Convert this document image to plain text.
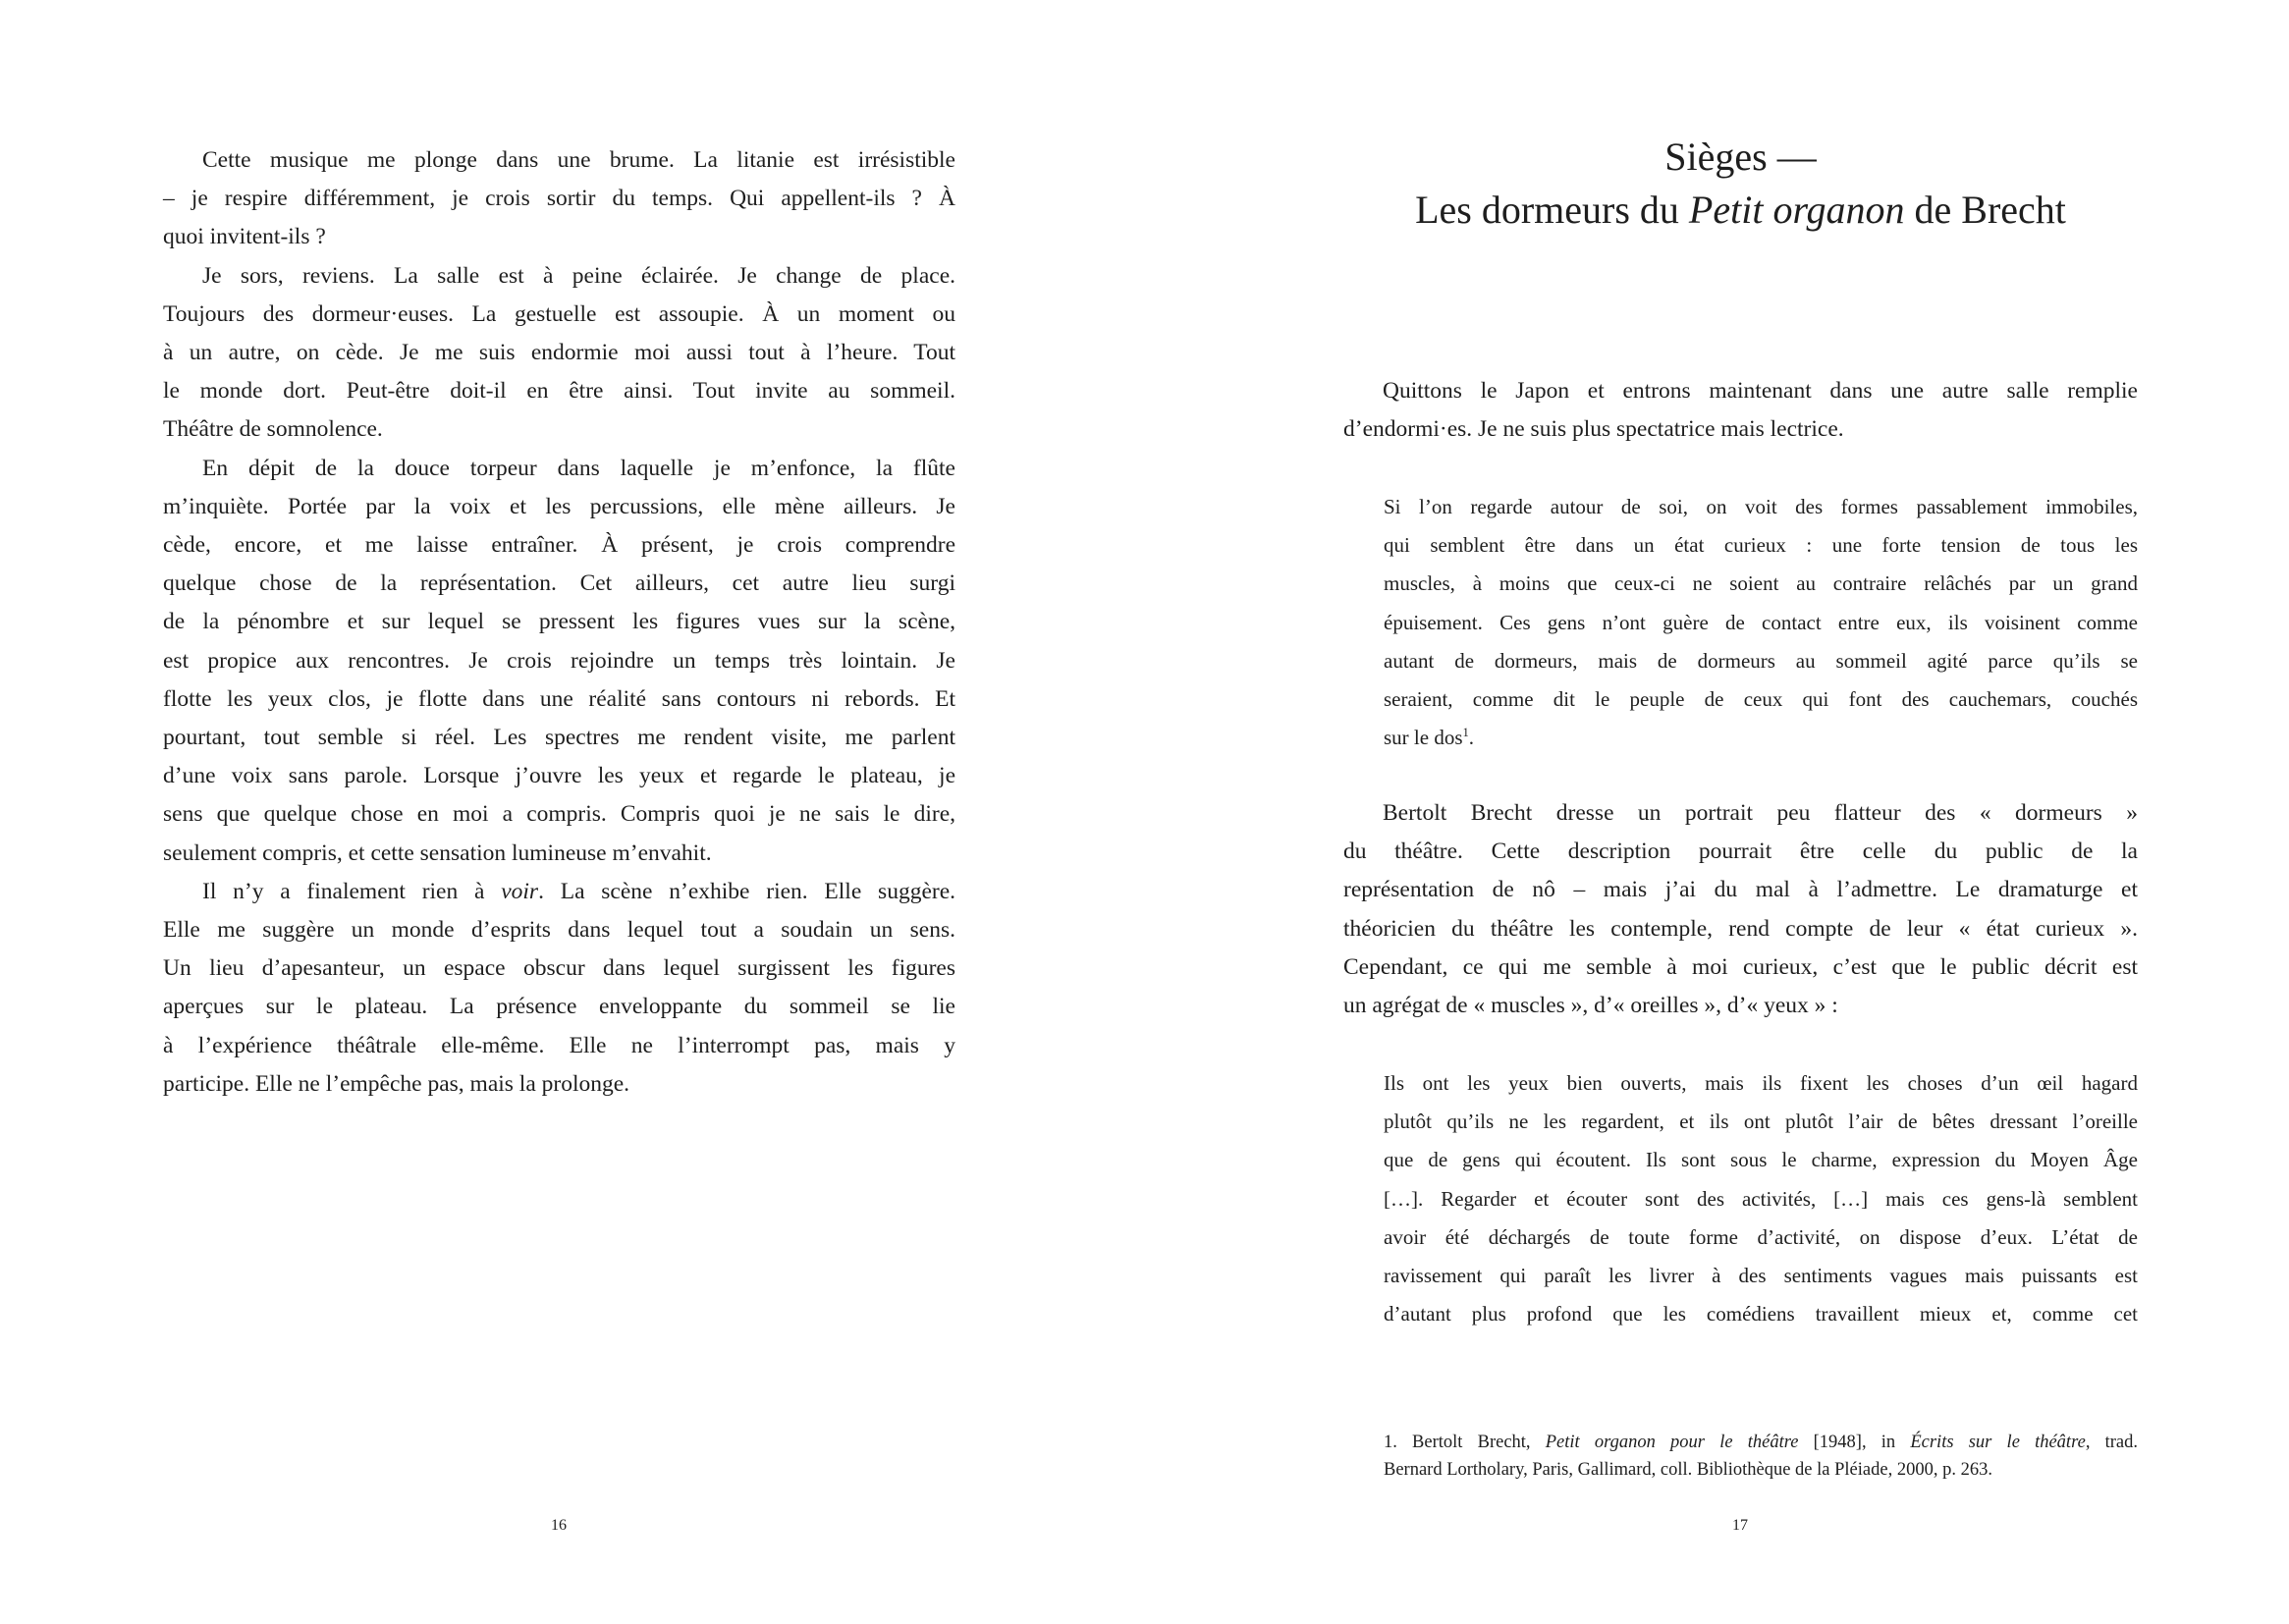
Cette musique me plonge dans une brume. La litanie est irrésistible
– je respire différemment, je crois sortir du temps. Qui appellent-ils ? À
quoi invitent-ils ?
Je sors, reviens. La salle est à peine éclairée. Je change de place.
Toujours des dormeur·euses. La gestuelle est assoupie. À un moment ou
à un autre, on cède. Je me suis endormie moi aussi tout à l’heure. Tout
le monde dort. Peut-être doit-il en être ainsi. Tout invite au sommeil.
Théâtre de somnolence.
En dépit de la douce torpeur dans laquelle je m’enfonce, la flûte
m’inquiète. Portée par la voix et les percussions, elle mène ailleurs. Je
cède, encore, et me laisse entraîner. À présent, je crois comprendre
quelque chose de la représentation. Cet ailleurs, cet autre lieu surgi
de la pénombre et sur lequel se pressent les figures vues sur la scène,
est propice aux rencontres. Je crois rejoindre un temps très lointain. Je
flotte les yeux clos, je flotte dans une réalité sans contours ni rebords. Et
pourtant, tout semble si réel. Les spectres me rendent visite, me parlent
d’une voix sans parole. Lorsque j’ouvre les yeux et regarde le plateau, je
sens que quelque chose en moi a compris. Compris quoi je ne sais le dire,
seulement compris, et cette sensation lumineuse m’envahit.
Il n’y a finalement rien à voir. La scène n’exhibe rien. Elle suggère.
Elle me suggère un monde d’esprits dans lequel tout a soudain un sens.
Un lieu d’apesanteur, un espace obscur dans lequel surgissent les figures
aperçues sur le plateau. La présence enveloppante du sommeil se lie
à l’expérience théâtrale elle-même. Elle ne l’interrompt pas, mais y
participe. Elle ne l’empêche pas, mais la prolonge.
16
Sièges —
Les dormeurs du Petit organon de Brecht
Quittons le Japon et entrons maintenant dans une autre salle remplie
d’endormi·es. Je ne suis plus spectatrice mais lectrice.
Si l’on regarde autour de soi, on voit des formes passablement immobiles,
qui semblent être dans un état curieux : une forte tension de tous les
muscles, à moins que ceux-ci ne soient au contraire relâchés par un grand
épuisement. Ces gens n’ont guère de contact entre eux, ils voisinent comme
autant de dormeurs, mais de dormeurs au sommeil agité parce qu’ils se
seraient, comme dit le peuple de ceux qui font des cauchemars, couchés
sur le dos$^1$.
Bertolt Brecht dresse un portrait peu flatteur des « dormeurs »
du théâtre. Cette description pourrait être celle du public de la
représentation de nô – mais j’ai du mal à l’admettre. Le dramaturge et
théoricien du théâtre les contemple, rend compte de leur « état curieux ».
Cependant, ce qui me semble à moi curieux, c’est que le public décrit est
un agrégat de « muscles », d’« oreilles », d’« yeux » :
Ils ont les yeux bien ouverts, mais ils fixent les choses d’un œil hagard
plutôt qu’ils ne les regardent, et ils ont plutôt l’air de bêtes dressant l’oreille
que de gens qui écoutent. Ils sont sous le charme, expression du Moyen Âge
[…]. Regarder et écouter sont des activités, […] mais ces gens-là semblent
avoir été déchargés de toute forme d’activité, on dispose d’eux. L’état de
ravissement qui paraît les livrer à des sentiments vagues mais puissants est
d’autant plus profond que les comédiens travaillent mieux et, comme cet
1. Bertolt Brecht, Petit organon pour le théâtre [1948], in Écrits sur le théâtre, trad.
Bernard Lortholary, Paris, Gallimard, coll. Bibliothèque de la Pléiade, 2000, p. 263.
17
